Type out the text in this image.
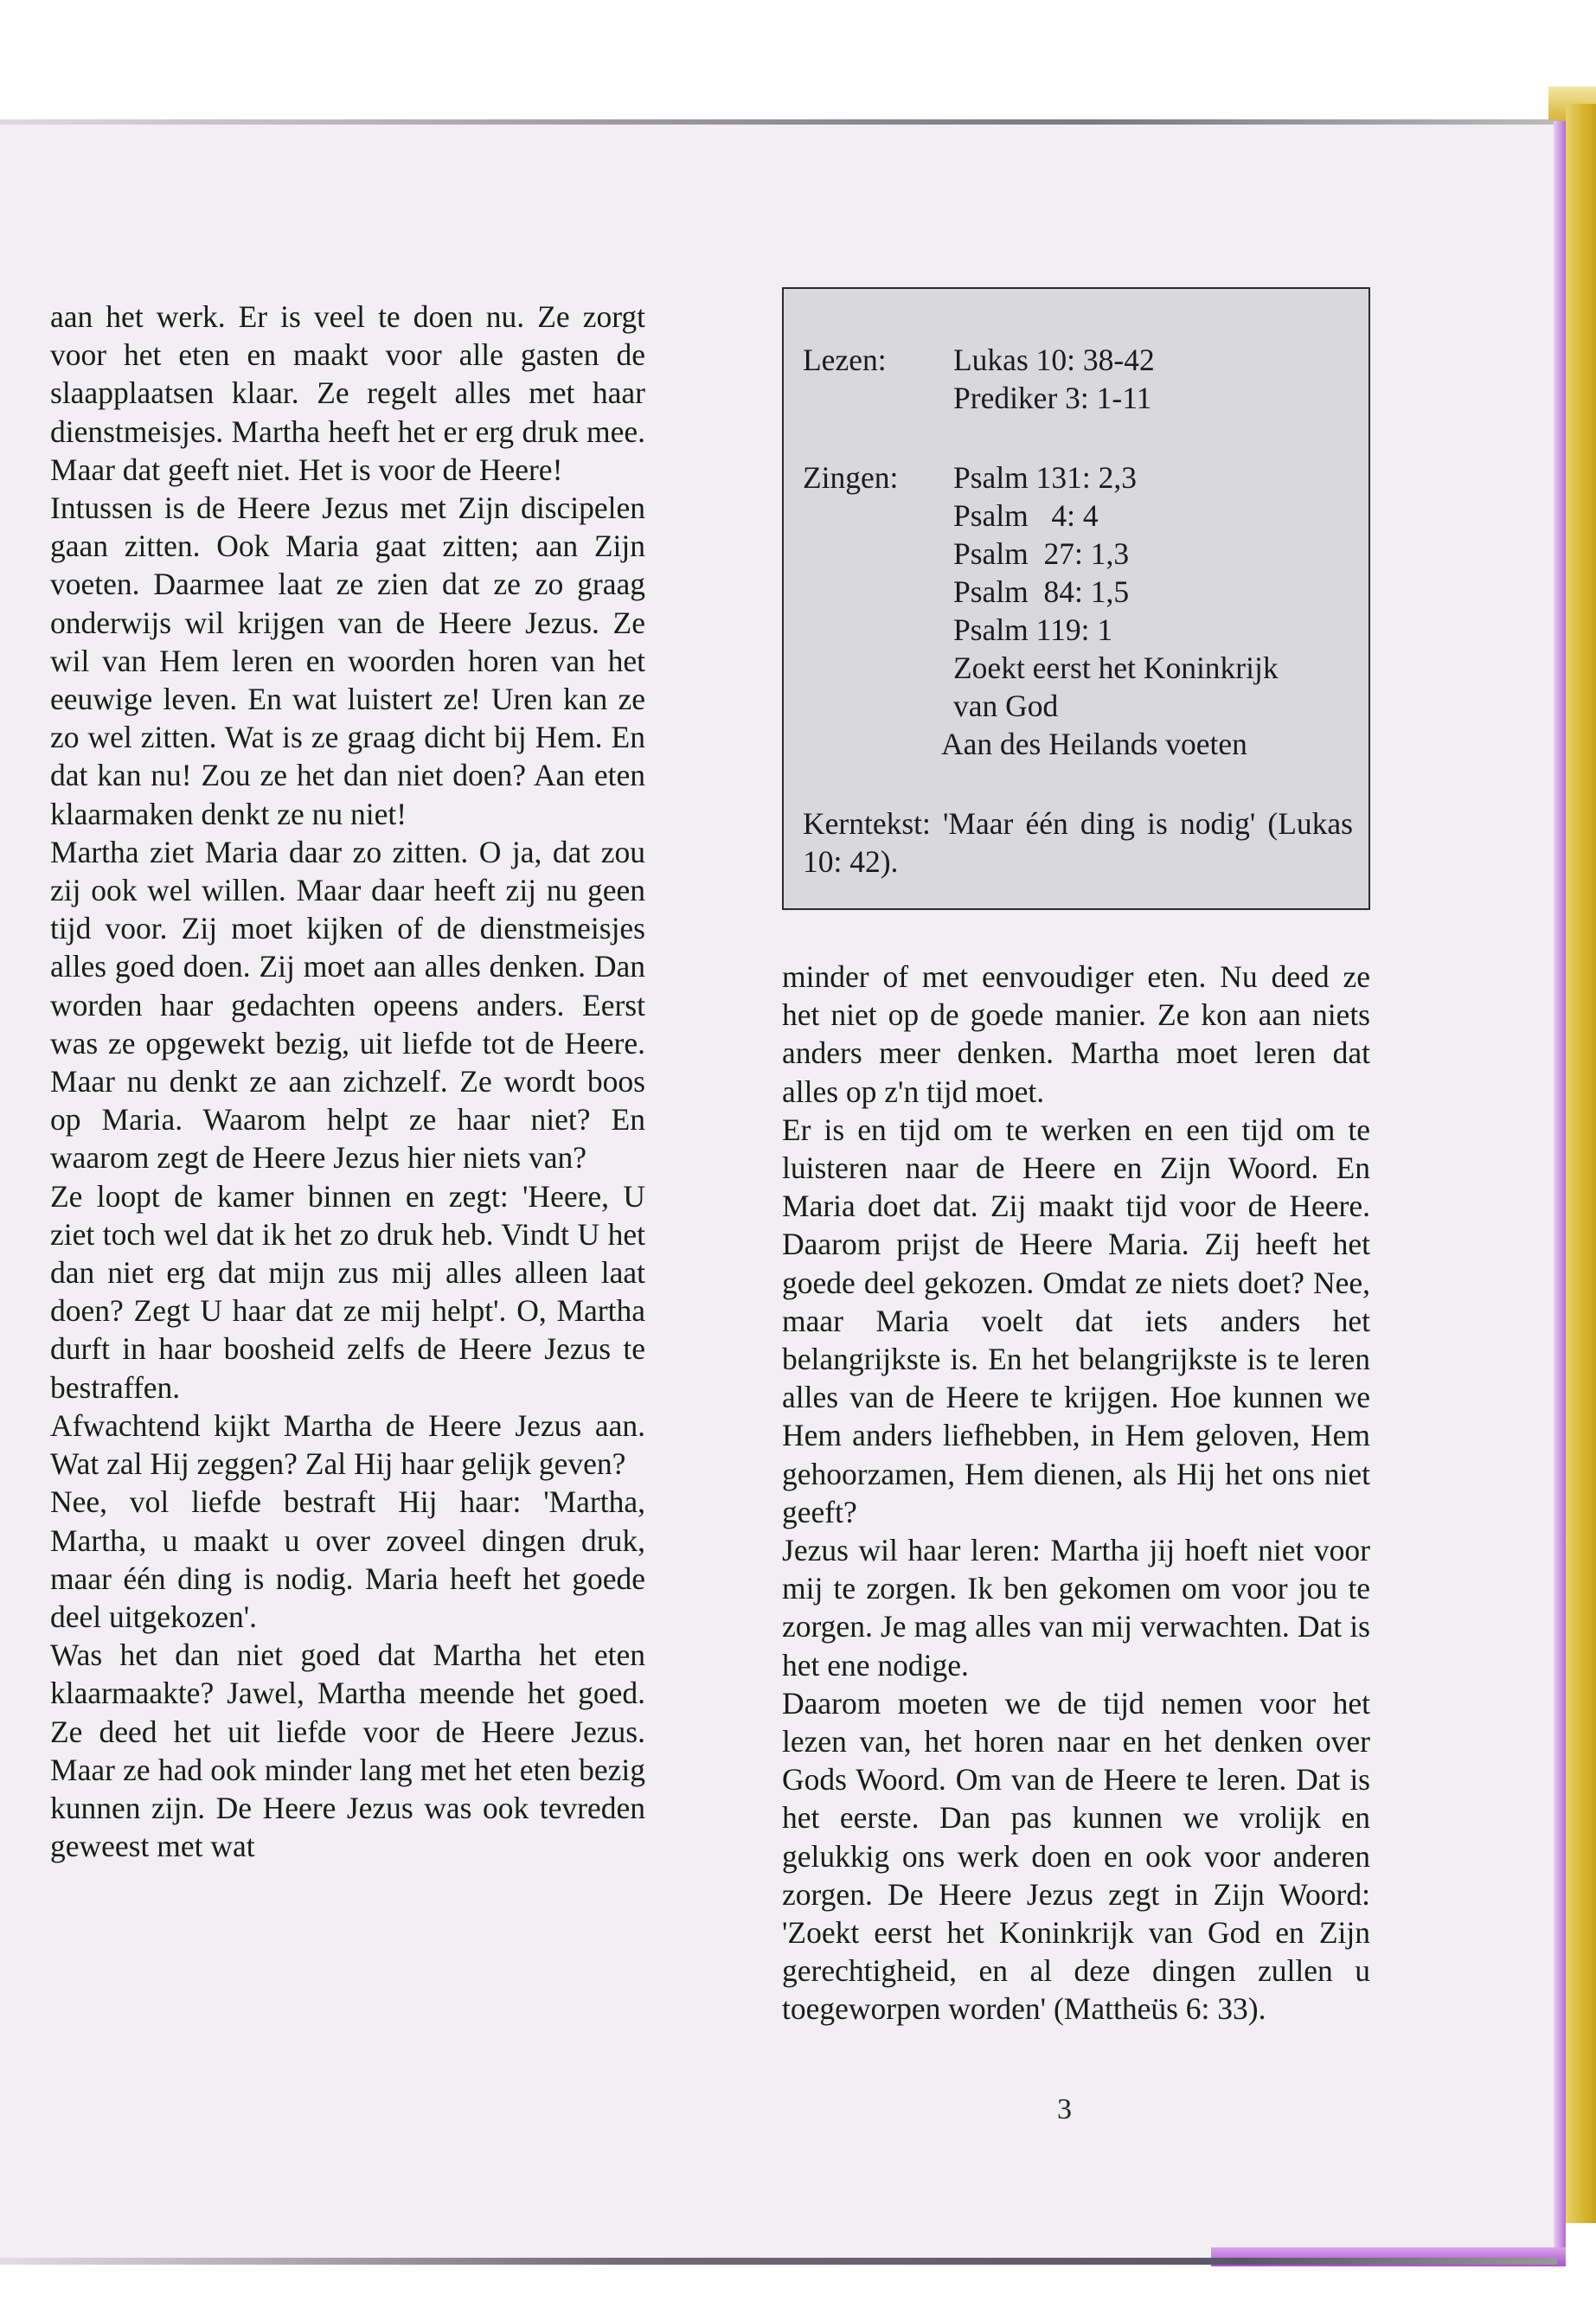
aan het werk. Er is veel te doen nu. Ze zorgt voor het eten en maakt voor alle gasten de slaapplaatsen klaar. Ze regelt alles met haar dienstmeisjes. Martha heeft het er erg druk mee. Maar dat geeft niet. Het is voor de Heere!

Intussen is de Heere Jezus met Zijn discipelen gaan zitten. Ook Maria gaat zitten; aan Zijn voeten. Daarmee laat ze zien dat ze zo graag onderwijs wil krijgen van de Heere Jezus. Ze wil van Hem leren en woorden horen van het eeuwige leven. En wat luistert ze! Uren kan ze zo wel zitten. Wat is ze graag dicht bij Hem. En dat kan nu! Zou ze het dan niet doen? Aan eten klaarmaken denkt ze nu niet!

Martha ziet Maria daar zo zitten. O ja, dat zou zij ook wel willen. Maar daar heeft zij nu geen tijd voor. Zij moet kijken of de dienstmeisjes alles goed doen. Zij moet aan alles denken. Dan worden haar gedachten opeens anders. Eerst was ze opgewekt bezig, uit liefde tot de Heere. Maar nu denkt ze aan zichzelf. Ze wordt boos op Maria. Waarom helpt ze haar niet? En waarom zegt de Heere Jezus hier niets van?

Ze loopt de kamer binnen en zegt: 'Heere, U ziet toch wel dat ik het zo druk heb. Vindt U het dan niet erg dat mijn zus mij alles alleen laat doen? Zegt U haar dat ze mij helpt'. O, Martha durft in haar boosheid zelfs de Heere Jezus te bestraffen.

Afwachtend kijkt Martha de Heere Jezus aan. Wat zal Hij zeggen? Zal Hij haar gelijk geven?

Nee, vol liefde bestraft Hij haar: 'Martha, Martha, u maakt u over zoveel dingen druk, maar één ding is nodig. Maria heeft het goede deel uitgekozen'.

Was het dan niet goed dat Martha het eten klaarmaakte? Jawel, Martha meende het goed. Ze deed het uit liefde voor de Heere Jezus. Maar ze had ook minder lang met het eten bezig kunnen zijn. De Heere Jezus was ook tevreden geweest met wat

Lezen: Lukas 10: 38-42
Prediker 3: 1-11
Zingen: Psalm 131: 2,3
Psalm   4: 4
Psalm  27: 1,3
Psalm  84: 1,5
Psalm 119: 1
Zoekt eerst het Koninkrijk
van God
Aan des Heilands voeten
Kerntekst: 'Maar één ding is nodig' (Lukas 10: 42).

minder of met eenvoudiger eten. Nu deed ze het niet op de goede manier. Ze kon aan niets anders meer denken. Martha moet leren dat alles op z'n tijd moet.

Er is en tijd om te werken en een tijd om te luisteren naar de Heere en Zijn Woord. En Maria doet dat. Zij maakt tijd voor de Heere. Daarom prijst de Heere Maria. Zij heeft het goede deel gekozen. Omdat ze niets doet? Nee, maar Maria voelt dat iets anders het belangrijkste is. En het belangrijkste is te leren alles van de Heere te krijgen. Hoe kunnen we Hem anders liefhebben, in Hem geloven, Hem gehoorzamen, Hem dienen, als Hij het ons niet geeft?

Jezus wil haar leren: Martha jij hoeft niet voor mij te zorgen. Ik ben gekomen om voor jou te zorgen. Je mag alles van mij verwachten. Dat is het ene nodige.

Daarom moeten we de tijd nemen voor het lezen van, het horen naar en het denken over Gods Woord. Om van de Heere te leren. Dat is het eerste. Dan pas kunnen we vrolijk en gelukkig ons werk doen en ook voor anderen zorgen. De Heere Jezus zegt in Zijn Woord: 'Zoekt eerst het Koninkrijk van God en Zijn gerechtigheid, en al deze dingen zullen u toegeworpen worden' (Mattheüs 6: 33).

3
